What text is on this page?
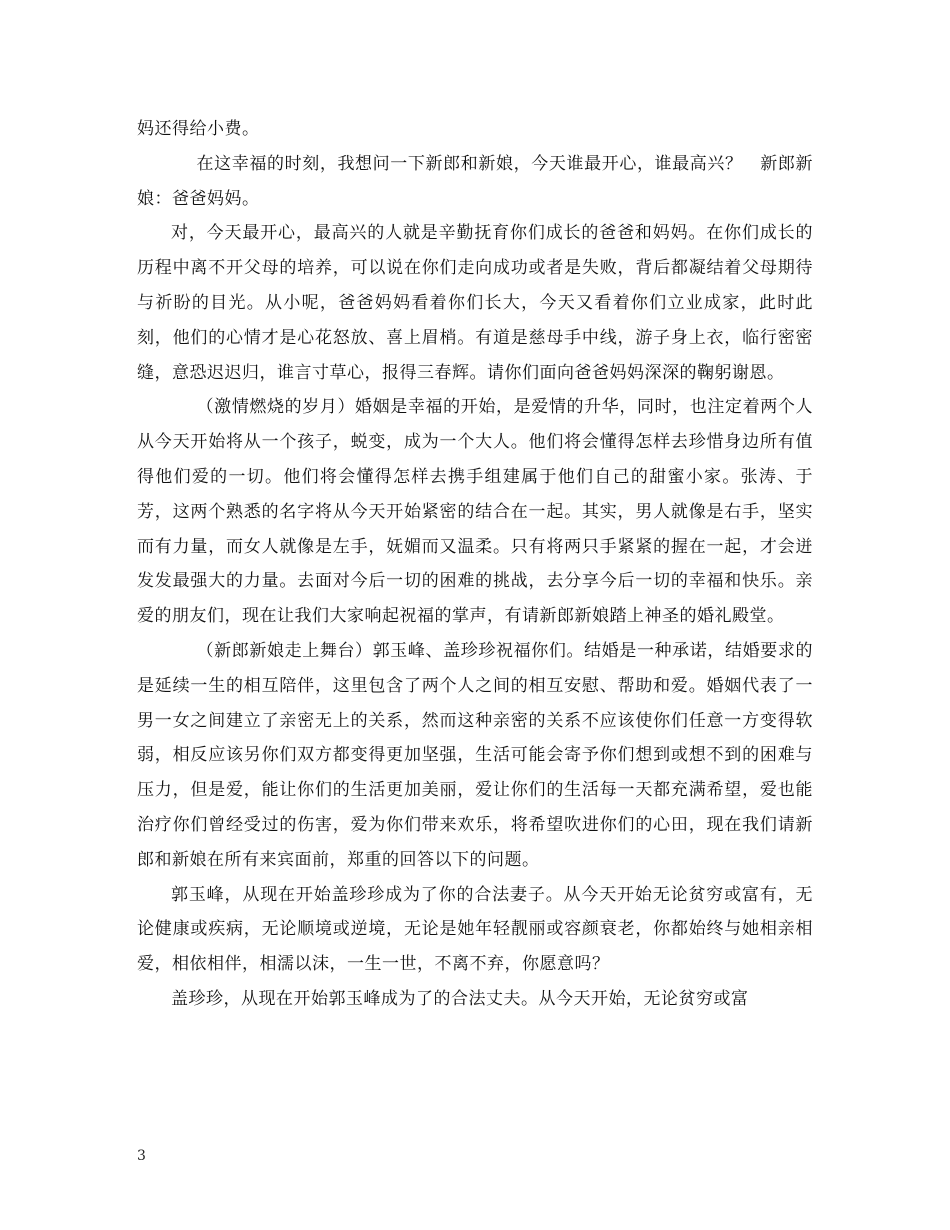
妈还得给小费。

在这幸福的时刻，我想问一下新郎和新娘，今天谁最开心，谁最高兴？　新郎新娘：爸爸妈妈。

对，今天最开心，最高兴的人就是辛勤抚育你们成长的爸爸和妈妈。在你们成长的历程中离不开父母的培养，可以说在你们走向成功或者是失败，背后都凝结着父母期待与祈盼的目光。从小呢，爸爸妈妈看着你们长大，今天又看着你们立业成家，此时此刻，他们的心情才是心花怒放、喜上眉梢。有道是慈母手中线，游子身上衣，临行密密缝，意恐迟迟归，谁言寸草心，报得三春辉。请你们面向爸爸妈妈深深的鞠躬谢恩。

（激情燃烧的岁月）婚姻是幸福的开始，是爱情的升华，同时，也注定着两个人从今天开始将从一个孩子，蜕变，成为一个大人。他们将会懂得怎样去珍惜身边所有值得他们爱的一切。他们将会懂得怎样去携手组建属于他们自己的甜蜜小家。张涛、于芳，这两个熟悉的名字将从今天开始紧密的结合在一起。其实，男人就像是右手，坚实而有力量，而女人就像是左手，妩媚而又温柔。只有将两只手紧紧的握在一起，才会迸发发最强大的力量。去面对今后一切的困难的挑战，去分享今后一切的幸福和快乐。亲爱的朋友们，现在让我们大家响起祝福的掌声，有请新郎新娘踏上神圣的婚礼殿堂。

（新郎新娘走上舞台）郭玉峰、盖珍珍祝福你们。结婚是一种承诺，结婚要求的是延续一生的相互陪伴，这里包含了两个人之间的相互安慰、帮助和爱。婚姻代表了一男一女之间建立了亲密无上的关系，然而这种亲密的关系不应该使你们任意一方变得软弱，相反应该另你们双方都变得更加坚强，生活可能会寄予你们想到或想不到的困难与压力，但是爱，能让你们的生活更加美丽，爱让你们的生活每一天都充满希望，爱也能治疗你们曾经受过的伤害，爱为你们带来欢乐，将希望吹进你们的心田，现在我们请新郎和新娘在所有来宾面前，郑重的回答以下的问题。

郭玉峰，从现在开始盖珍珍成为了你的合法妻子。从今天开始无论贫穷或富有，无论健康或疾病，无论顺境或逆境，无论是她年轻靓丽或容颜衰老，你都始终与她相亲相爱，相依相伴，相濡以沫，一生一世，不离不弃，你愿意吗？

盖珍珍，从现在开始郭玉峰成为了的合法丈夫。从今天开始，无论贫穷或富

3
